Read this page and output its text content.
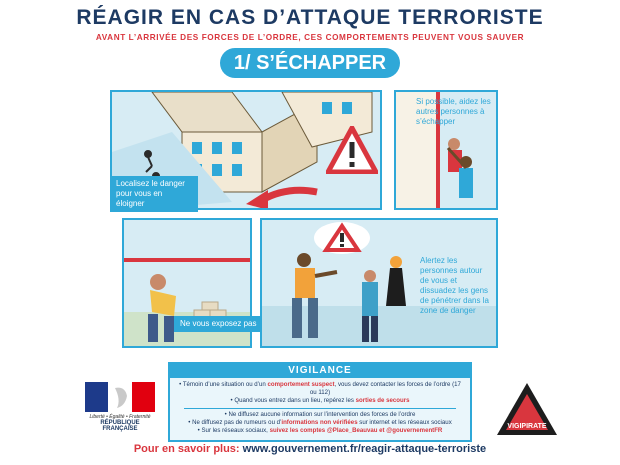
RÉAGIR EN CAS D’ATTAQUE TERRORISTE
AVANT L’ARRIVÉE DES FORCES DE L’ORDRE, CES COMPORTEMENTS PEUVENT VOUS SAUVER
1/ S’ÉCHAPPER
Localisez le danger pour vous en éloigner
Si possible, aidez les autres personnes à s’échapper
Ne vous exposez pas
Alertez les personnes autour de vous et dissuadez les gens de pénétrer dans la zone de danger
VIGILANCE
• Témoin d’une situation ou d’un comportement suspect, vous devez contacter les forces de l’ordre (17 ou 112)
• Quand vous entrez dans un lieu, repérez les sorties de secours
• Ne diffusez aucune information sur l’intervention des forces de l’ordre
• Ne diffusez pas de rumeurs ou d’informations non vérifiées sur internet et les réseaux sociaux
• Sur les réseaux sociaux, suivez les comptes @Place_Beauvau et @gouvernementFR
Liberté • Égalité • Fraternité
RÉPUBLIQUE FRANÇAISE	VIGIPIRATE
Pour en savoir plus: www.gouvernement.fr/reagir-attaque-terroriste
